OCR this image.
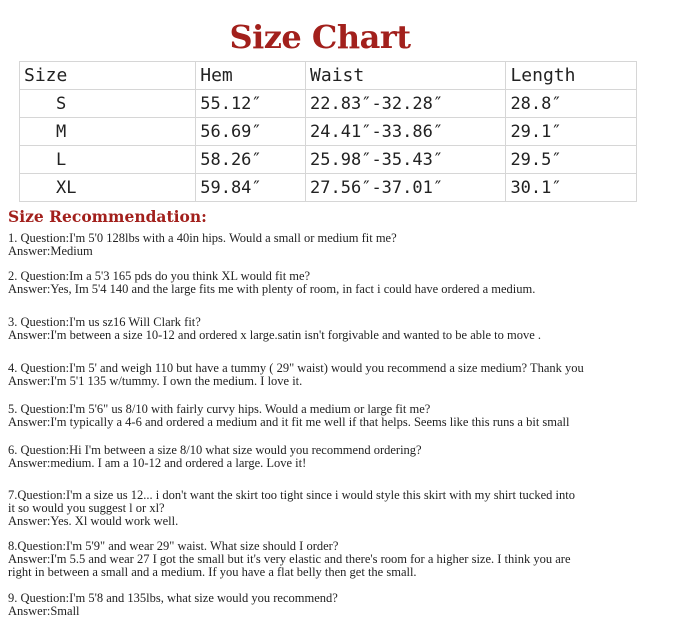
Size Chart
Size	Hem	Waist	Length
S	55.12″	22.83″-32.28″	28.8″
M	56.69″	24.41″-33.86″	29.1″
L	58.26″	25.98″-35.43″	29.5″
XL	59.84″	27.56″-37.01″	30.1″
Size Recommendation:
1. Question:I'm 5'0 128lbs with a 40in hips. Would a small or medium fit me?
Answer:Medium
2. Question:Im a 5'3 165 pds do you think XL would fit me?
Answer:Yes, Im 5'4 140 and the large fits me with plenty of room, in fact i could have ordered a medium.
3. Question:I'm us sz16 Will Clark fit?
Answer:I'm between a size 10-12 and ordered x large.satin isn't forgivable and wanted to be able to move .
4. Question:I'm 5' and weigh 110 but have a tummy ( 29" waist) would you recommend a size medium? Thank you
Answer:I'm 5'1 135 w/tummy. I own the medium. I love it.
5. Question:I'm 5'6" us 8/10 with fairly curvy hips. Would a medium or large fit me?
Answer:I'm typically a 4-6 and ordered a medium and it fit me well if that helps. Seems like this runs a bit small
6. Question:Hi I'm between a size 8/10 what size would you recommend ordering?
Answer:medium. I am a 10-12 and ordered a large. Love it!
7.Question:I'm a size us 12... i don't want the skirt too tight since i would style this skirt with my shirt tucked into
it so would you suggest l or xl?
Answer:Yes. Xl would work well.
8.Question:I'm 5'9" and wear 29" waist. What size should I order?
Answer:I'm 5.5 and wear 27 I got the small but it's very elastic and there's room for a higher size. I think you are
right in between a small and a medium. If you have a flat belly then get the small.
9. Question:I'm 5'8 and 135lbs, what size would you recommend?
Answer:Small
